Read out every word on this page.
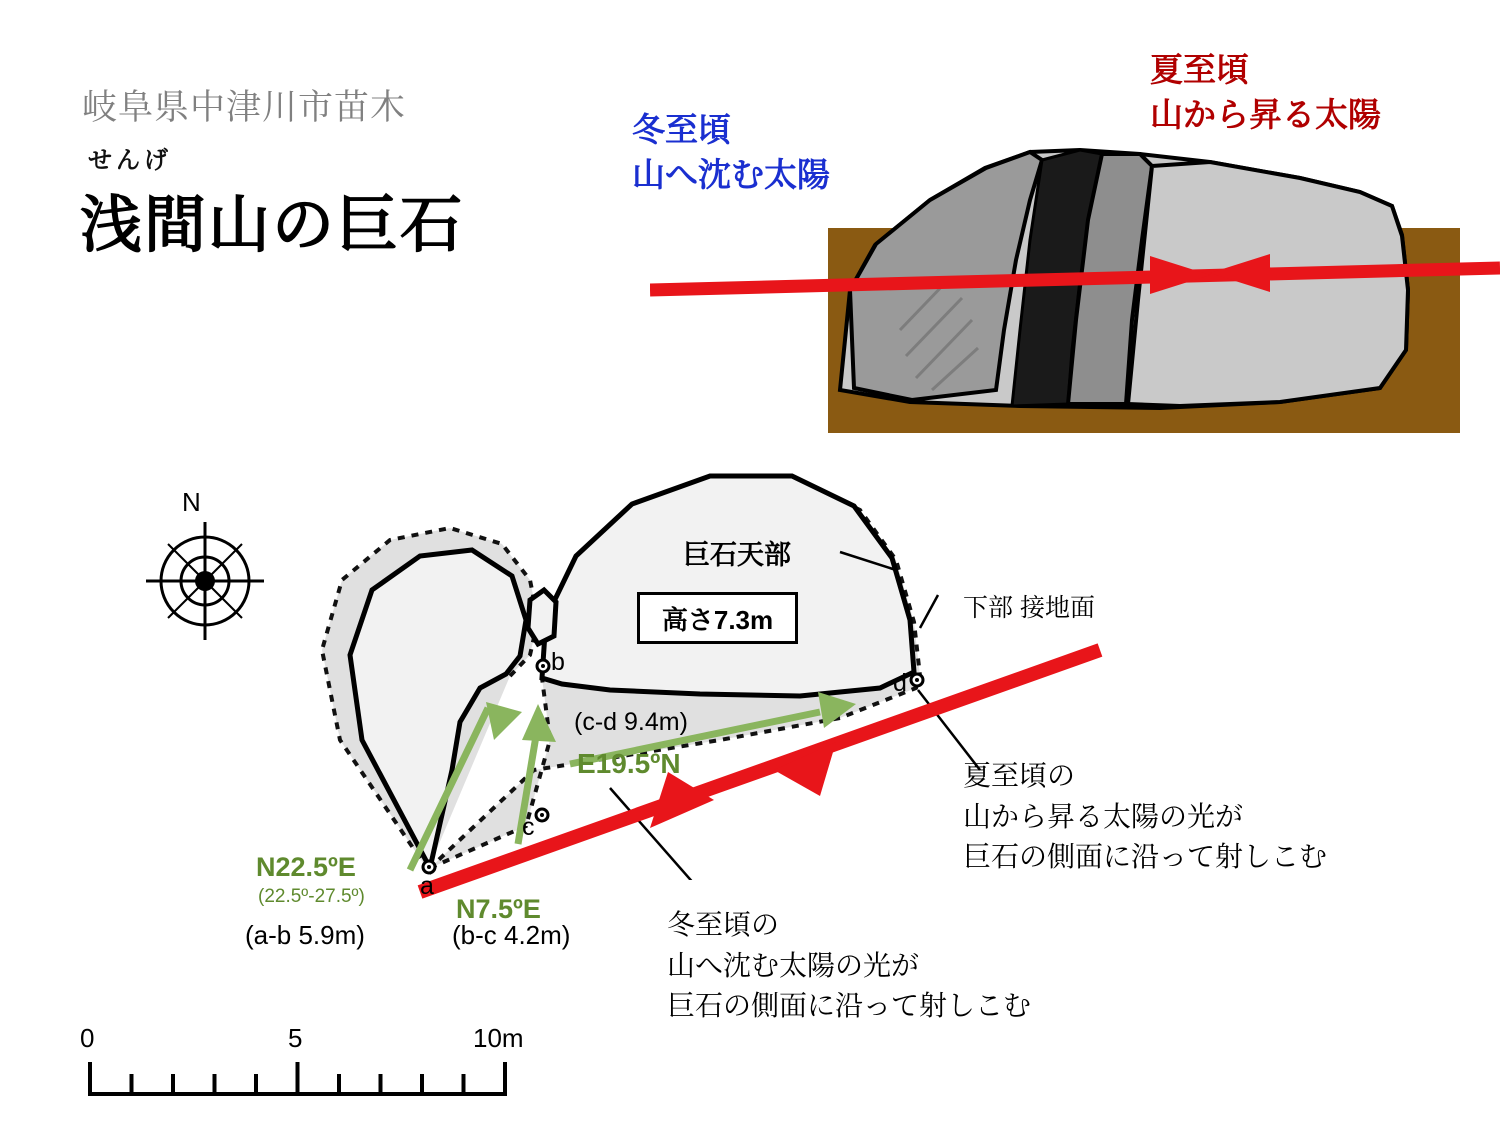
岐阜県中津川市苗木
せんげ
浅間山の巨石
冬至頃
山へ沈む太陽
夏至頃
山から昇る太陽
巨石天部
高さ7.3m	下部 接地面
(c-d 9.4m)
E19.5ºN
N22.5ºE
(22.5º-27.5º)
(a-b 5.9m)
N7.5ºE
(b-c 4.2m)
a
b
c
d
夏至頃の
山から昇る太陽の光が
巨石の側面に沿って射しこむ
冬至頃の
山へ沈む太陽の光が
巨石の側面に沿って射しこむ
N
0	5	10m
